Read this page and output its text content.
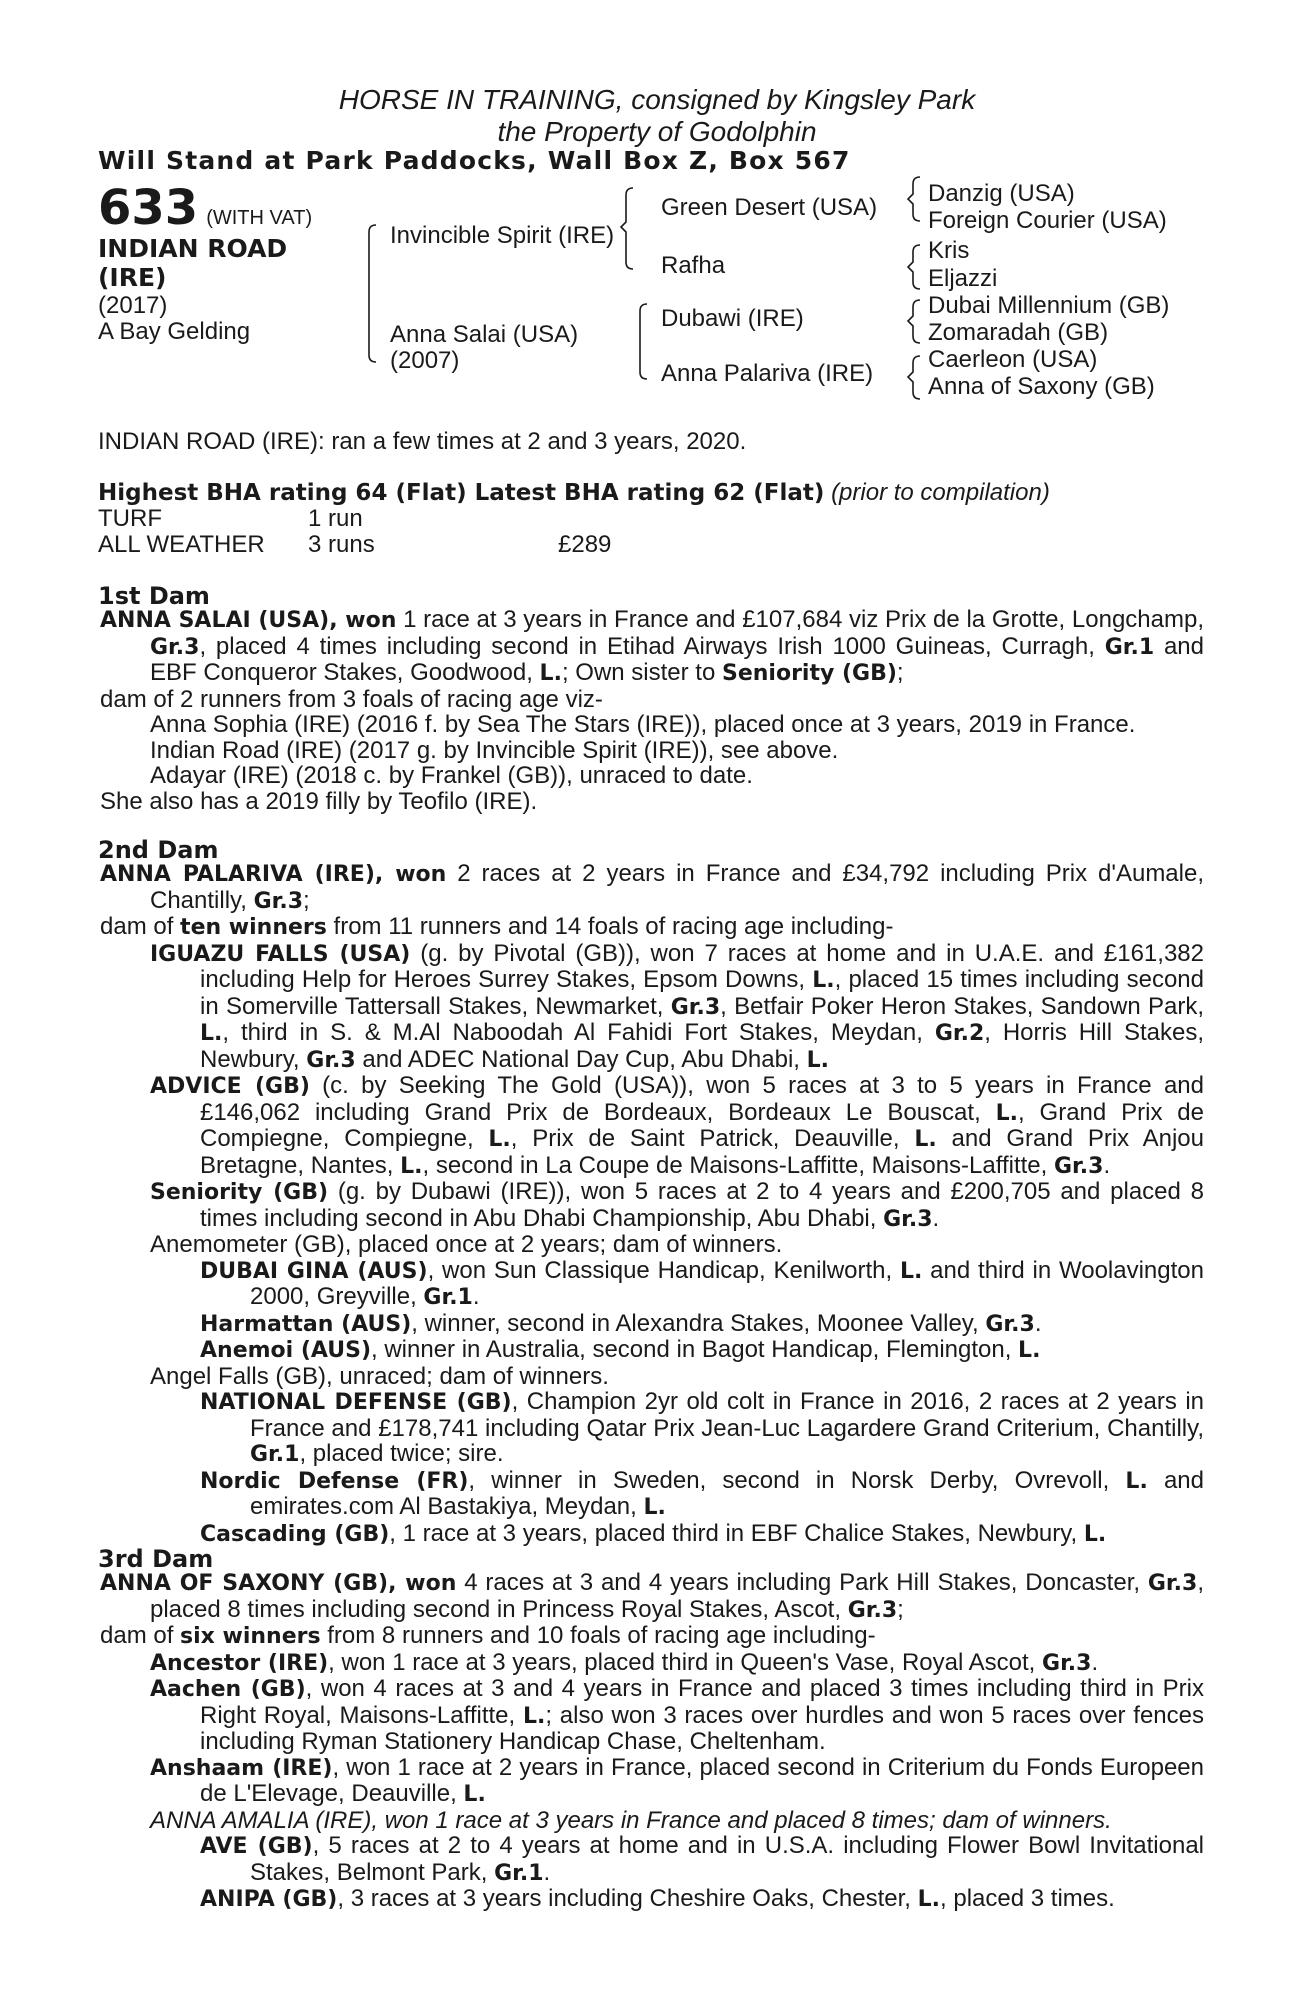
HORSE IN TRAINING, consigned by Kingsley Park
the Property of Godolphin
Will Stand at Park Paddocks, Wall Box Z, Box 567
633 (WITH VAT)
INDIAN ROAD
(IRE)
(2017)
A Bay Gelding
Invincible Spirit (IRE)
Anna Salai (USA)
(2007)
Green Desert (USA)
Rafha
Dubawi (IRE)
Anna Palariva (IRE)
Danzig (USA)
Foreign Courier (USA)
Kris
Eljazzi
Dubai Millennium (GB)
Zomaradah (GB)
Caerleon (USA)
Anna of Saxony (GB)
INDIAN ROAD (IRE): ran a few times at 2 and 3 years, 2020.
Highest BHA rating 64 (Flat) Latest BHA rating 62 (Flat) (prior to compilation)
TURF	1 run
ALL WEATHER 3 runs	£289
1st Dam

ANNA SALAI (USA), won 1 race at 3 years in France and £107,684 viz Prix de la Grotte, Longchamp, Gr.3, placed 4 times including second in Etihad Airways Irish 1000 Guineas, Curragh, Gr.1 and EBF Conqueror Stakes, Goodwood, L.; Own sister to Seniority (GB);

dam of 2 runners from 3 foals of racing age viz-

Anna Sophia (IRE) (2016 f. by Sea The Stars (IRE)), placed once at 3 years, 2019 in France.

Indian Road (IRE) (2017 g. by Invincible Spirit (IRE)), see above.

Adayar (IRE) (2018 c. by Frankel (GB)), unraced to date.

She also has a 2019 filly by Teofilo (IRE).

2nd Dam

ANNA PALARIVA (IRE), won 2 races at 2 years in France and £34,792 including Prix d'Aumale, Chantilly, Gr.3;

dam of ten winners from 11 runners and 14 foals of racing age including-

IGUAZU FALLS (USA) (g. by Pivotal (GB)), won 7 races at home and in U.A.E. and £161,382 including Help for Heroes Surrey Stakes, Epsom Downs, L., placed 15 times including second in Somerville Tattersall Stakes, Newmarket, Gr.3, Betfair Poker Heron Stakes, Sandown Park, L., third in S. & M.Al Naboodah Al Fahidi Fort Stakes, Meydan, Gr.2, Horris Hill Stakes, Newbury, Gr.3 and ADEC National Day Cup, Abu Dhabi, L.

ADVICE (GB) (c. by Seeking The Gold (USA)), won 5 races at 3 to 5 years in France and £146,062 including Grand Prix de Bordeaux, Bordeaux Le Bouscat, L., Grand Prix de Compiegne, Compiegne, L., Prix de Saint Patrick, Deauville, L. and Grand Prix Anjou Bretagne, Nantes, L., second in La Coupe de Maisons-Laffitte, Maisons-Laffitte, Gr.3.

Seniority (GB) (g. by Dubawi (IRE)), won 5 races at 2 to 4 years and £200,705 and placed 8 times including second in Abu Dhabi Championship, Abu Dhabi, Gr.3.

Anemometer (GB), placed once at 2 years; dam of winners.

DUBAI GINA (AUS), won Sun Classique Handicap, Kenilworth, L. and third in Woolavington 2000, Greyville, Gr.1.

Harmattan (AUS), winner, second in Alexandra Stakes, Moonee Valley, Gr.3.

Anemoi (AUS), winner in Australia, second in Bagot Handicap, Flemington, L.

Angel Falls (GB), unraced; dam of winners.

NATIONAL DEFENSE (GB), Champion 2yr old colt in France in 2016, 2 races at 2 years in France and £178,741 including Qatar Prix Jean-Luc Lagardere Grand Criterium, Chantilly, Gr.1, placed twice; sire.

Nordic Defense (FR), winner in Sweden, second in Norsk Derby, Ovrevoll, L. and emirates.com Al Bastakiya, Meydan, L.

Cascading (GB), 1 race at 3 years, placed third in EBF Chalice Stakes, Newbury, L.

3rd Dam

ANNA OF SAXONY (GB), won 4 races at 3 and 4 years including Park Hill Stakes, Doncaster, Gr.3, placed 8 times including second in Princess Royal Stakes, Ascot, Gr.3;

dam of six winners from 8 runners and 10 foals of racing age including-

Ancestor (IRE), won 1 race at 3 years, placed third in Queen's Vase, Royal Ascot, Gr.3.

Aachen (GB), won 4 races at 3 and 4 years in France and placed 3 times including third in Prix Right Royal, Maisons-Laffitte, L.; also won 3 races over hurdles and won 5 races over fences including Ryman Stationery Handicap Chase, Cheltenham.

Anshaam (IRE), won 1 race at 2 years in France, placed second in Criterium du Fonds Europeen de L'Elevage, Deauville, L.

ANNA AMALIA (IRE), won 1 race at 3 years in France and placed 8 times; dam of winners.

AVE (GB), 5 races at 2 to 4 years at home and in U.S.A. including Flower Bowl Invitational Stakes, Belmont Park, Gr.1.

ANIPA (GB), 3 races at 3 years including Cheshire Oaks, Chester, L., placed 3 times.
